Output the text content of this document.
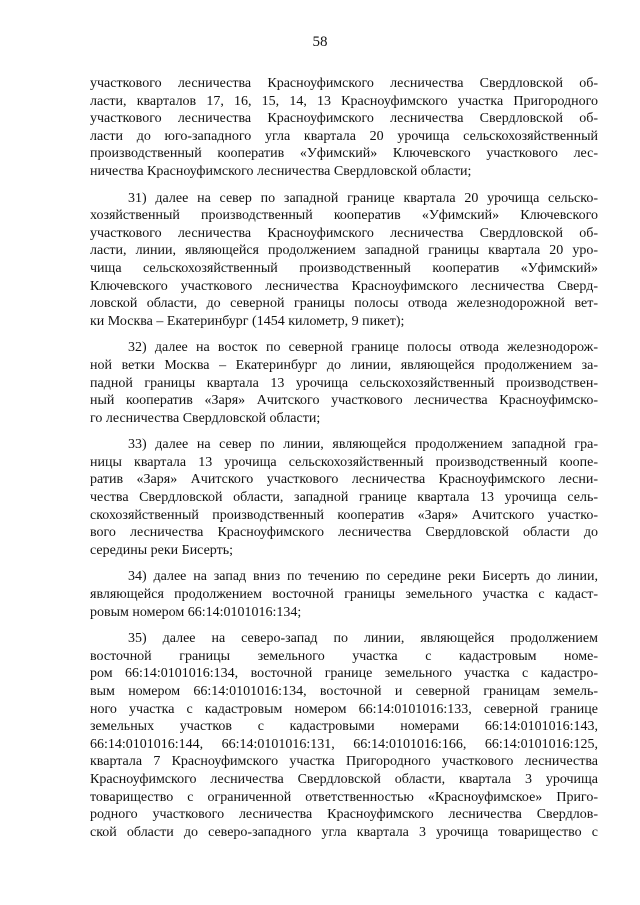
58
участкового лесничества Красноуфимского лесничества Свердловской об-
ласти, кварталов 17, 16, 15, 14, 13 Красноуфимского участка Пригородного
участкового лесничества Красноуфимского лесничества Свердловской об-
ласти до юго-западного угла квартала 20 урочища сельскохозяйственный
производственный кооператив «Уфимский» Ключевского участкового лес-
ничества Красноуфимского лесничества Свердловской области;
31) далее на север по западной границе квартала 20 урочища сельско-
хозяйственный производственный кооператив «Уфимский» Ключевского
участкового лесничества Красноуфимского лесничества Свердловской об-
ласти, линии, являющейся продолжением западной границы квартала 20 уро-
чища сельскохозяйственный производственный кооператив «Уфимский»
Ключевского участкового лесничества Красноуфимского лесничества Сверд-
ловской области, до северной границы полосы отвода железнодорожной вет-
ки Москва – Екатеринбург (1454 километр, 9 пикет);
32) далее на восток по северной границе полосы отвода железнодорож-
ной ветки Москва – Екатеринбург до линии, являющейся продолжением за-
падной границы квартала 13 урочища сельскохозяйственный производствен-
ный кооператив «Заря» Ачитского участкового лесничества Красноуфимско-
го лесничества Свердловской области;
33) далее на север по линии, являющейся продолжением западной гра-
ницы квартала 13 урочища сельскохозяйственный производственный коопе-
ратив «Заря» Ачитского участкового лесничества Красноуфимского лесни-
чества Свердловской области, западной границе квартала 13 урочища сель-
скохозяйственный производственный кооператив «Заря» Ачитского участко-
вого лесничества Красноуфимского лесничества Свердловской области до
середины реки Бисерть;
34) далее на запад вниз по течению по середине реки Бисерть до линии,
являющейся продолжением восточной границы земельного участка с кадаст-
ровым номером 66:14:0101016:134;
35) далее на северо-запад по линии, являющейся продолжением
восточной границы земельного участка с кадастровым номе-
ром 66:14:0101016:134, восточной границе земельного участка с кадастро-
вым номером 66:14:0101016:134, восточной и северной границам земель-
ного участка с кадастровым номером 66:14:0101016:133, северной границе
земельных участков с кадастровыми номерами 66:14:0101016:143,
66:14:0101016:144, 66:14:0101016:131, 66:14:0101016:166, 66:14:0101016:125,
квартала 7 Красноуфимского участка Пригородного участкового лесничества
Красноуфимского лесничества Свердловской области, квартала 3 урочища
товарищество с ограниченной ответственностью «Красноуфимское» Приго-
родного участкового лесничества Красноуфимского лесничества Свердлов-
ской области до северо-западного угла квартала 3 урочища товарищество с
